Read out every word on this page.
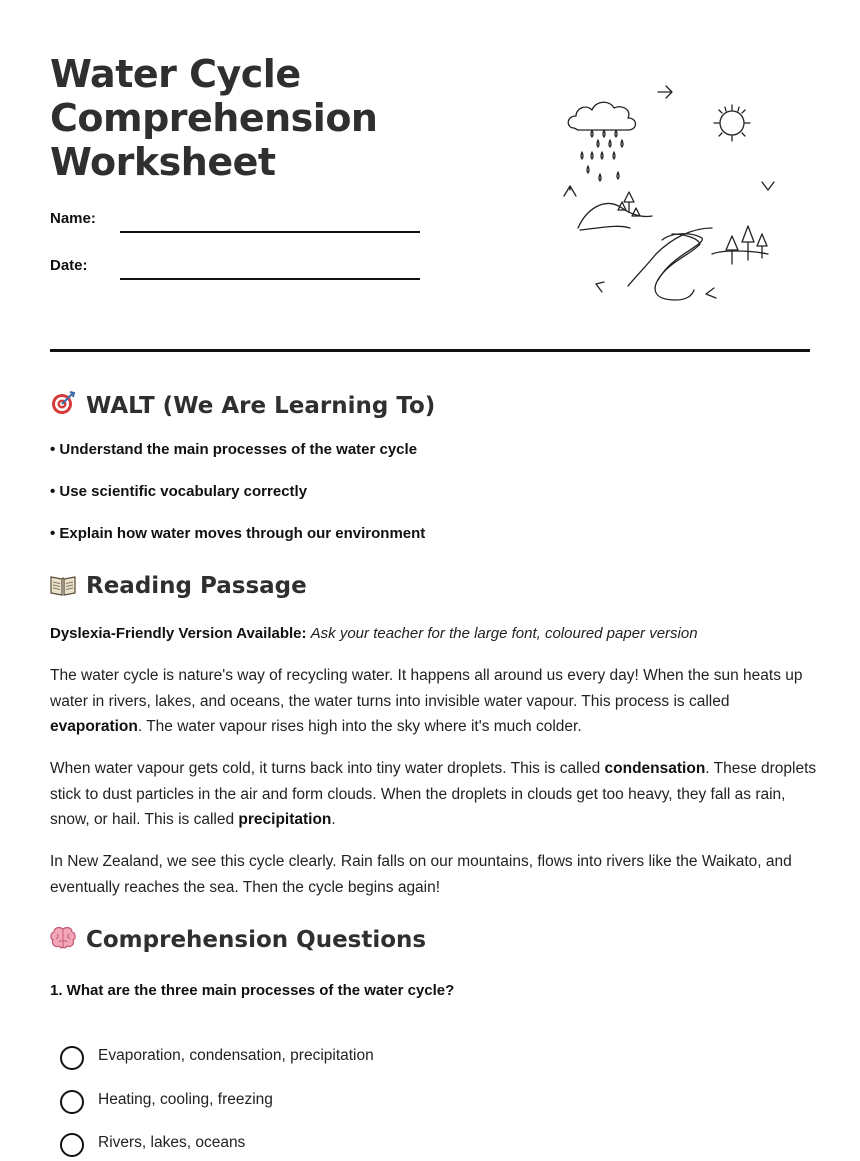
Water Cycle
Comprehension
Worksheet
Name:
Date:
WALT (We Are Learning To)
• Understand the main processes of the water cycle
• Use scientific vocabulary correctly
• Explain how water moves through our environment
Reading Passage
Dyslexia-Friendly Version Available: Ask your teacher for the large font, coloured paper version

The water cycle is nature's way of recycling water. It happens all around us every day! When the sun heats up water in rivers, lakes, and oceans, the water turns into invisible water vapour. This process is called evaporation. The water vapour rises high into the sky where it's much colder.

When water vapour gets cold, it turns back into tiny water droplets. This is called condensation. These droplets stick to dust particles in the air and form clouds. When the droplets in clouds get too heavy, they fall as rain, snow, or hail. This is called precipitation.

In New Zealand, we see this cycle clearly. Rain falls on our mountains, flows into rivers like the Waikato, and eventually reaches the sea. Then the cycle begins again!

Comprehension Questions
1. What are the three main processes of the water cycle?
Evaporation, condensation, precipitation
Heating, cooling, freezing
Rivers, lakes, oceans
